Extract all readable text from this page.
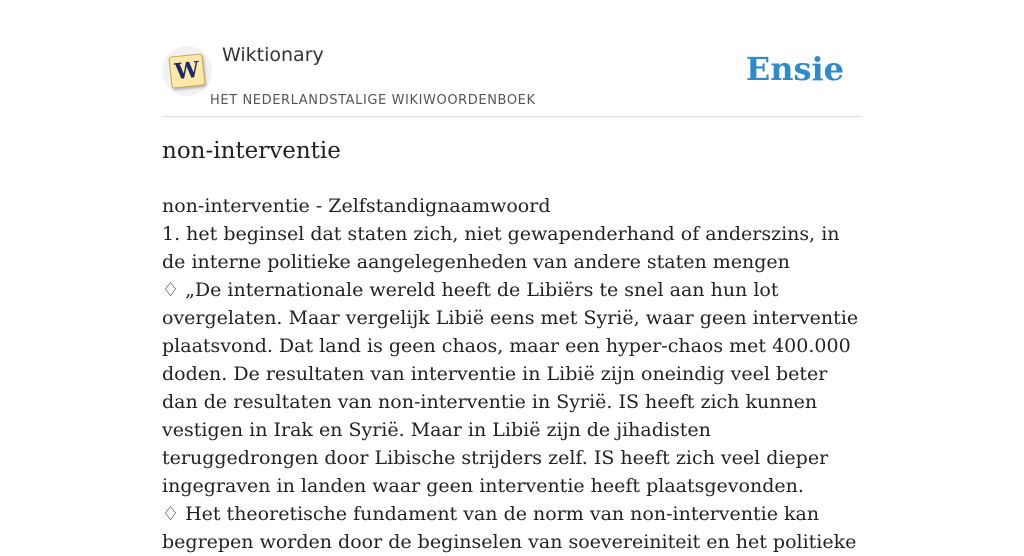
W
Wiktionary
HET NEDERLANDSTALIGE WIKIWOORDENBOEK
Ensie
non-interventie

non-interventie - Zelfstandignaamwoord

1. het beginsel dat staten zich, niet gewapenderhand of anderszins, in de interne politieke aangelegenheden van andere staten mengen

♢ „De internationale wereld heeft de Libiërs te snel aan hun lot overgelaten. Maar vergelijk Libië eens met Syrië, waar geen interventie plaatsvond. Dat land is geen chaos, maar een hyper-chaos met 400.000 doden. De resultaten van interventie in Libië zijn oneindig veel beter dan de resultaten van non-interventie in Syrië. IS heeft zich kunnen vestigen in Irak en Syrië. Maar in Libië zijn de jihadisten teruggedrongen door Libische strijders zelf. IS heeft zich veel dieper ingegraven in landen waar geen interventie heeft plaatsgevonden.

♢ Het theoretische fundament van de norm van non-interventie kan begrepen worden door de beginselen van soevereiniteit en het politieke
